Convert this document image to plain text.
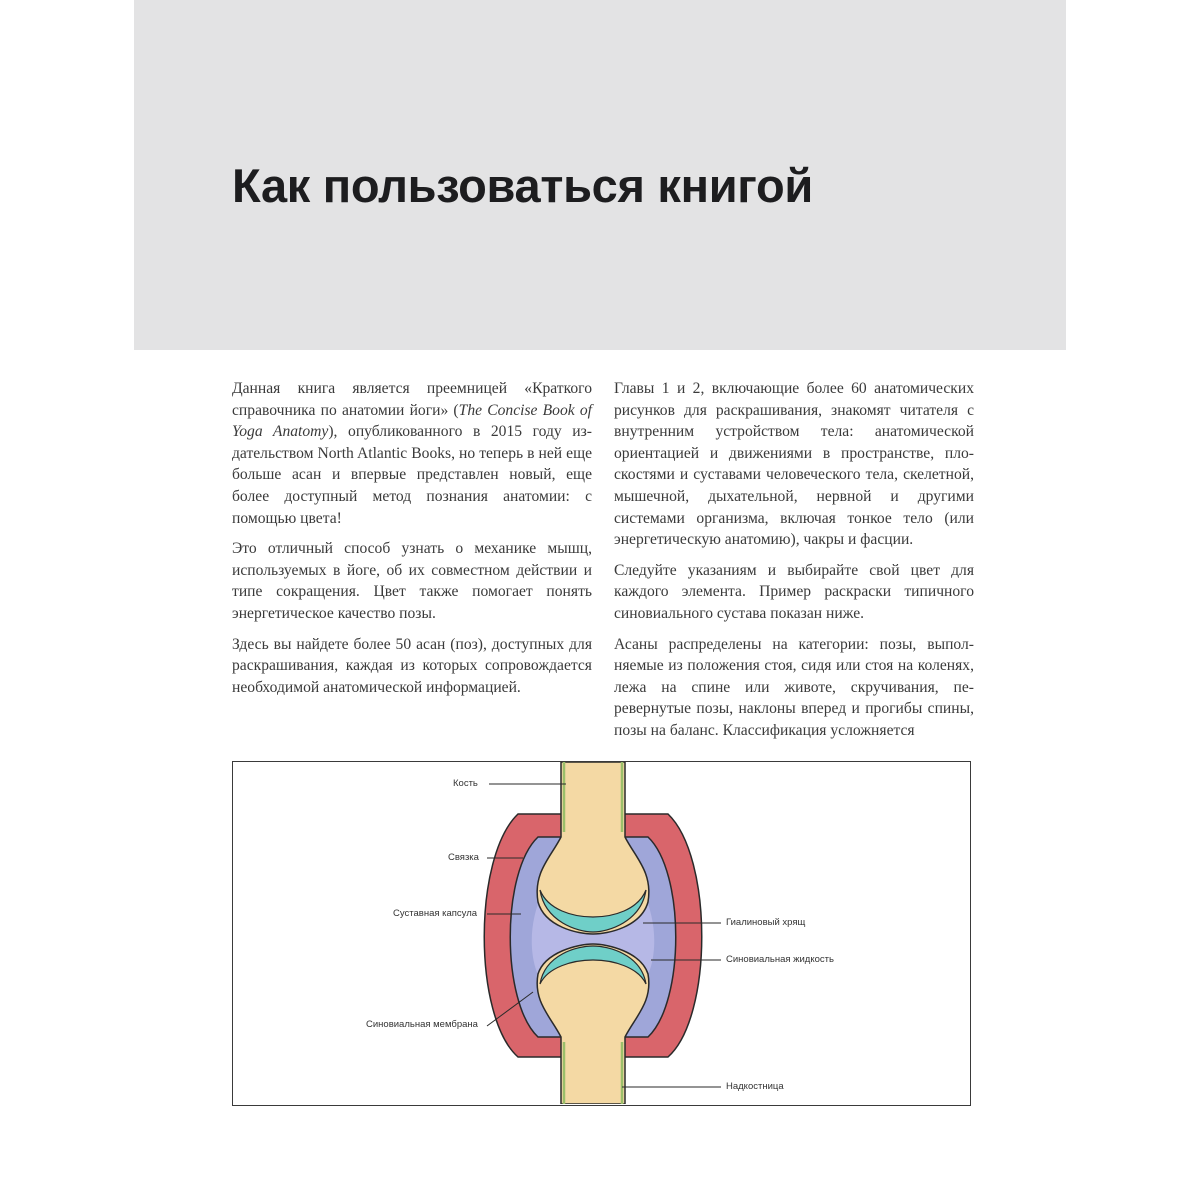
Как пользоваться книгой

Данная книга является преемницей «Краткого справочника по анатомии йоги» (The Concise Book of Yoga Anatomy), опубликованного в 2015 году издательством North Atlantic Books, но теперь в ней еще больше асан и впервые представлен новый, еще более доступный метод познания анатомии: с помощью цвета!

Это отличный способ узнать о механике мышц, используемых в йоге, об их совместном действии и типе сокращения. Цвет также помогает понять энергетическое качество позы.

Здесь вы найдете более 50 асан (поз), доступных для раскрашивания, каждая из которых сопровождается необходимой анатомической информацией.

Главы 1 и 2, включающие более 60 анатомических рисунков для раскрашивания, знакомят читателя с внутренним устройством тела: анатомической ориентацией и движениями в пространстве, плоскостями и суставами человеческого тела, скелетной, мышечной, дыхательной, нервной и другими системами организма, включая тонкое тело (или энергетическую анатомию), чакры и фасции.

Следуйте указаниям и выбирайте свой цвет для каждого элемента. Пример раскраски типичного синовиального сустава показан ниже.

Асаны распределены на категории: позы, выполняемые из положения стоя, сидя или стоя на коленях, лежа на спине или животе, скручивания, перевернутые позы, наклоны вперед и прогибы спины, позы на баланс. Классификация усложняется

Кость
Связка
Суставная капсула
Синовиальная мембрана
Гиалиновый хрящ
Синовиальная жидкость
Надкостница
